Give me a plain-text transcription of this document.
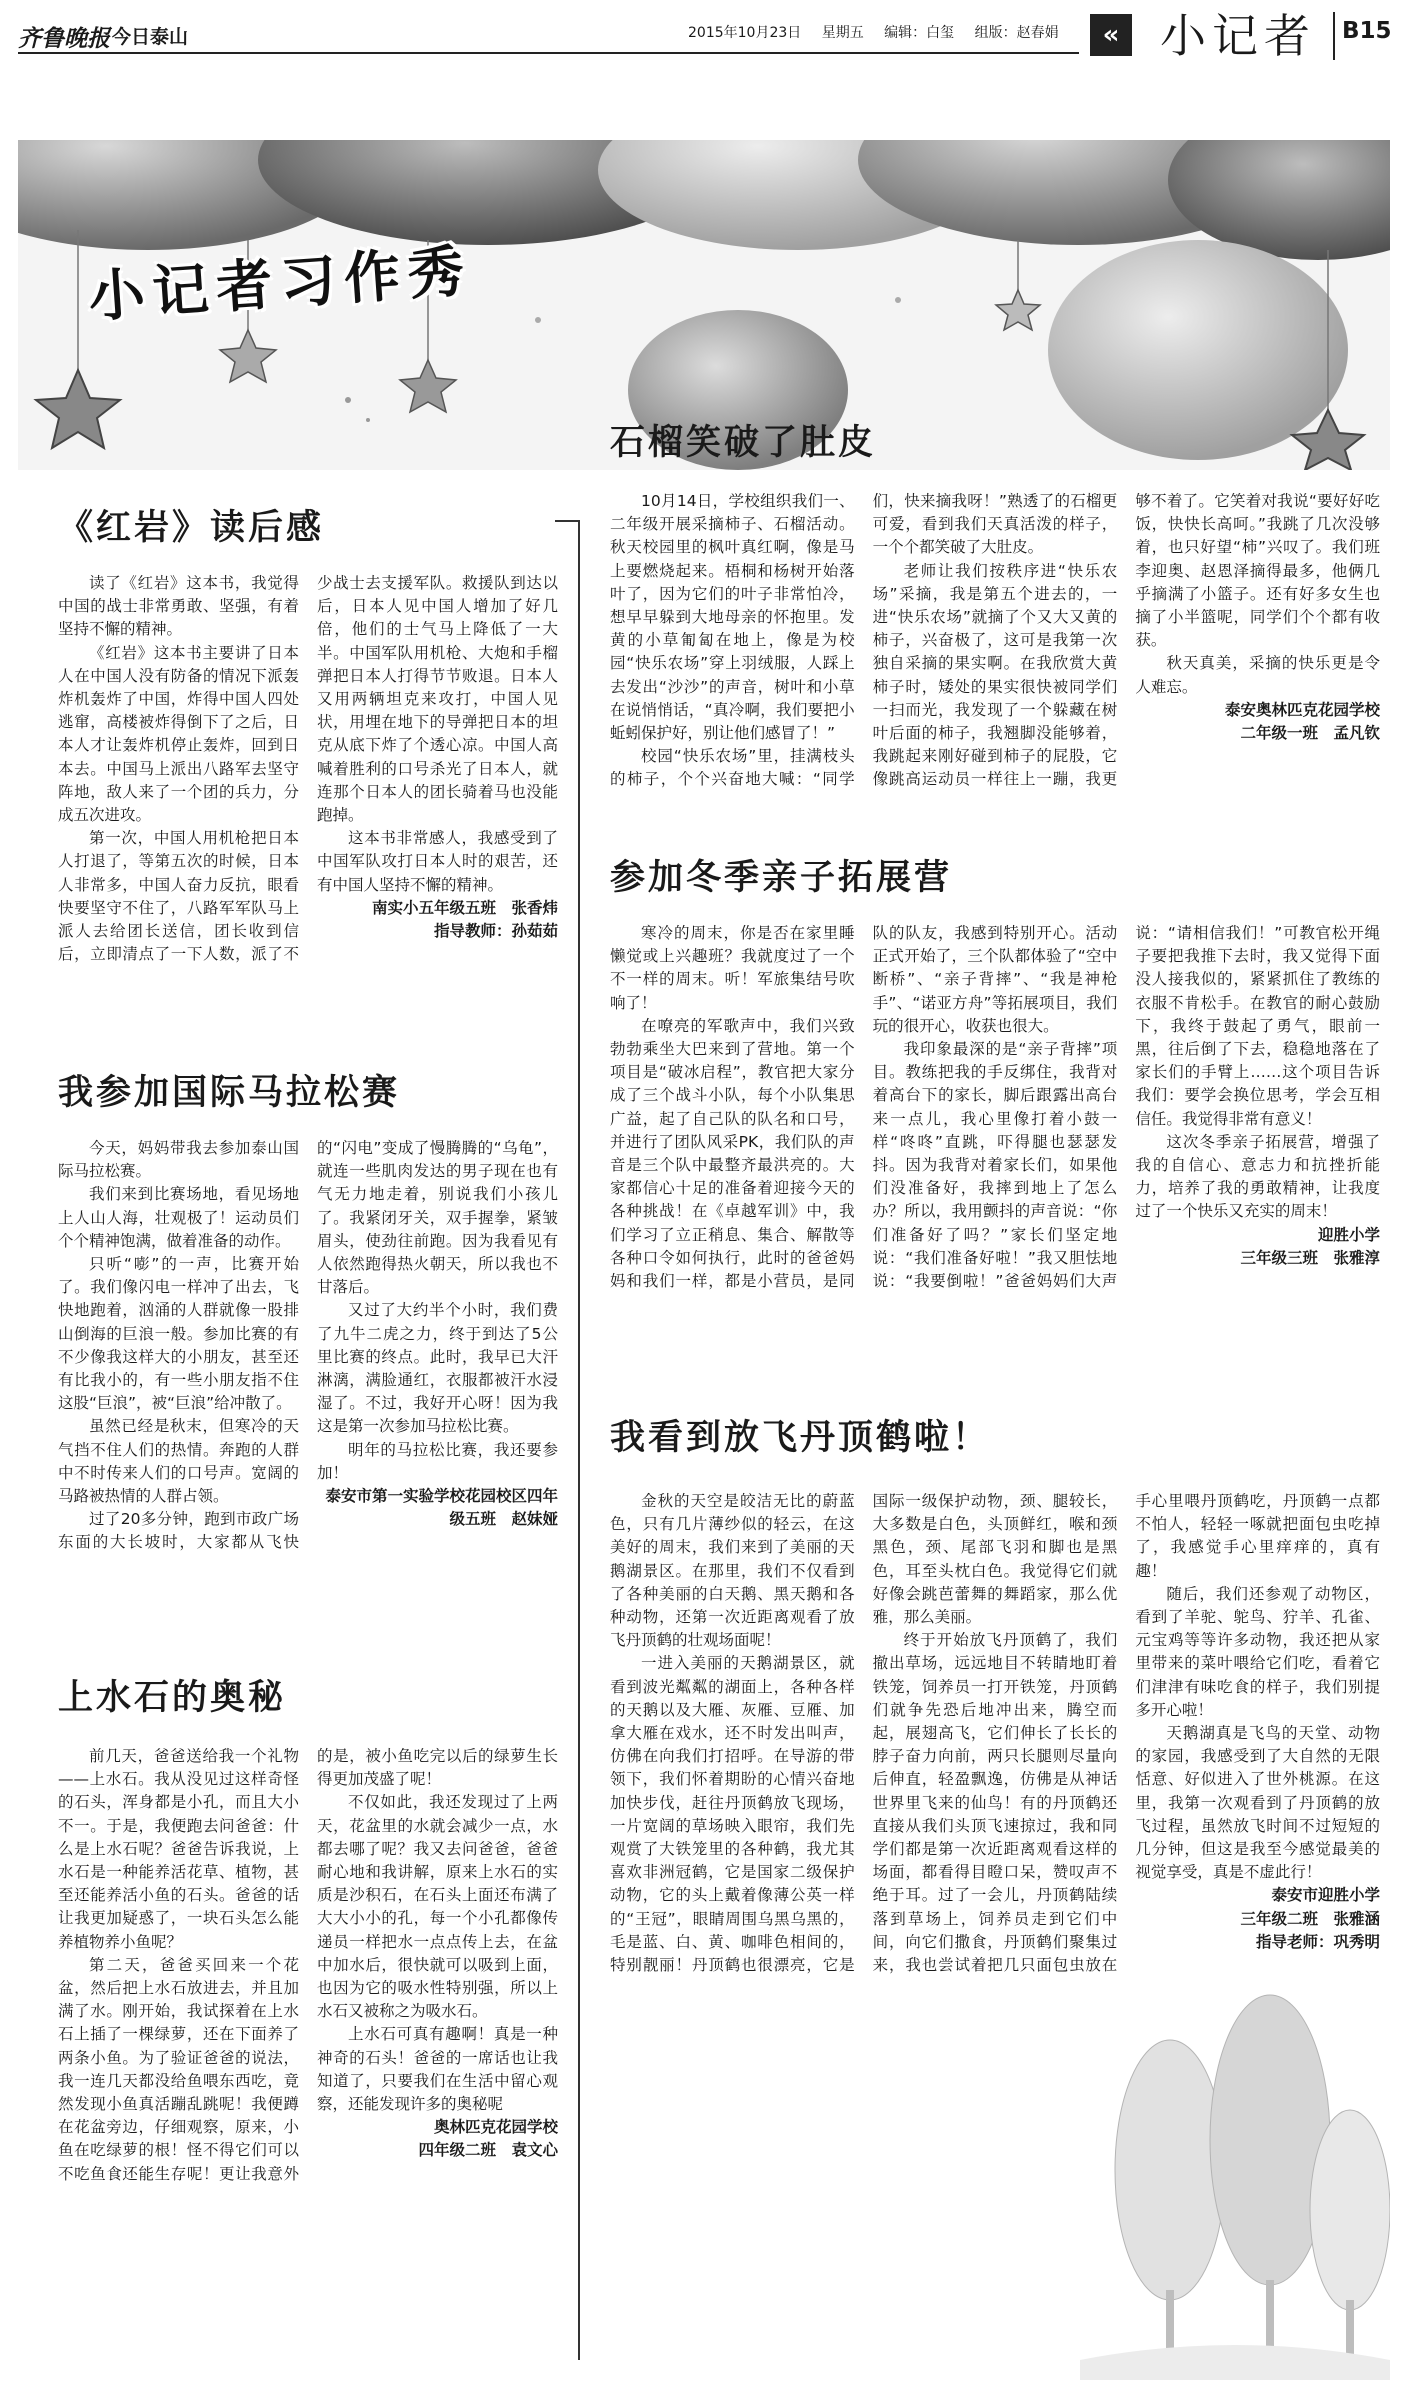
齐鲁晚报 今日泰山	2015年10月23日 星期五 编辑：白玺 组版：赵春娟	« 小记者 B15
小记者习作秀
《红岩》读后感

读了《红岩》这本书，我觉得中国的战士非常勇敢、坚强，有着坚持不懈的精神。

《红岩》这本书主要讲了日本人在中国人没有防备的情况下派轰炸机轰炸了中国，炸得中国人四处逃窜，高楼被炸得倒下了之后，日本人才让轰炸机停止轰炸，回到日本去。中国马上派出八路军去坚守阵地，敌人来了一个团的兵力，分成五次进攻。

第一次，中国人用机枪把日本人打退了，等第五次的时候，日本人非常多，中国人奋力反抗，眼看快要坚守不住了，八路军军队马上派人去给团长送信，团长收到信后，立即清点了一下人数，派了不少战士去支援军队。救援队到达以后，日本人见中国人增加了好几倍，他们的士气马上降低了一大半。中国军队用机枪、大炮和手榴弹把日本人打得节节败退。日本人又用两辆坦克来攻打，中国人见状，用埋在地下的导弹把日本的坦克从底下炸了个透心凉。中国人高喊着胜利的口号杀光了日本人，就连那个日本人的团长骑着马也没能跑掉。

这本书非常感人，我感受到了中国军队攻打日本人时的艰苦，还有中国人坚持不懈的精神。

南实小五年级五班　张香炜

指导教师：孙茹茹

我参加国际马拉松赛

今天，妈妈带我去参加泰山国际马拉松赛。

我们来到比赛场地，看见场地上人山人海，壮观极了！运动员们个个精神饱满，做着准备的动作。

只听“嘭”的一声，比赛开始了。我们像闪电一样冲了出去，飞快地跑着，汹涌的人群就像一股排山倒海的巨浪一般。参加比赛的有不少像我这样大的小朋友，甚至还有比我小的，有一些小朋友指不住这股“巨浪”，被“巨浪”给冲散了。

虽然已经是秋末，但寒冷的天气挡不住人们的热情。奔跑的人群中不时传来人们的口号声。宽阔的马路被热情的人群占领。

过了20多分钟，跑到市政广场东面的大长坡时，大家都从飞快的“闪电”变成了慢腾腾的“乌龟”，就连一些肌肉发达的男子现在也有气无力地走着，别说我们小孩儿了。我紧闭牙关，双手握拳，紧皱眉头，使劲往前跑。因为我看见有人依然跑得热火朝天，所以我也不甘落后。

又过了大约半个小时，我们费了九牛二虎之力，终于到达了5公里比赛的终点。此时，我早已大汗淋漓，满脸通红，衣服都被汗水浸湿了。不过，我好开心呀！因为我这是第一次参加马拉松比赛。

明年的马拉松比赛，我还要参加！

泰安市第一实验学校花园校区四年级五班　赵妹娅

上水石的奥秘

前几天，爸爸送给我一个礼物——上水石。我从没见过这样奇怪的石头，浑身都是小孔，而且大小不一。于是，我便跑去问爸爸：什么是上水石呢？爸爸告诉我说，上水石是一种能养活花草、植物，甚至还能养活小鱼的石头。爸爸的话让我更加疑惑了，一块石头怎么能养植物养小鱼呢？

第二天，爸爸买回来一个花盆，然后把上水石放进去，并且加满了水。刚开始，我试探着在上水石上插了一棵绿萝，还在下面养了两条小鱼。为了验证爸爸的说法，我一连几天都没给鱼喂东西吃，竟然发现小鱼真活蹦乱跳呢！我便蹲在花盆旁边，仔细观察，原来，小鱼在吃绿萝的根！怪不得它们可以不吃鱼食还能生存呢！更让我意外的是，被小鱼吃完以后的绿萝生长得更加茂盛了呢！

不仅如此，我还发现过了上两天，花盆里的水就会减少一点，水都去哪了呢？我又去问爸爸，爸爸耐心地和我讲解，原来上水石的实质是沙积石，在石头上面还布满了大大小小的孔，每一个小孔都像传递员一样把水一点点传上去，在盆中加水后，很快就可以吸到上面，也因为它的吸水性特别强，所以上水石又被称之为吸水石。

上水石可真有趣啊！真是一种神奇的石头！爸爸的一席话也让我知道了，只要我们在生活中留心观察，还能发现许多的奥秘呢

奥林匹克花园学校

四年级二班　袁文心

石榴笑破了肚皮

10月14日，学校组织我们一、二年级开展采摘柿子、石榴活动。秋天校园里的枫叶真红啊，像是马上要燃烧起来。梧桐和杨树开始落叶了，因为它们的叶子非常怕冷，想早早躲到大地母亲的怀抱里。发黄的小草匍匐在地上，像是为校园“快乐农场”穿上羽绒服，人踩上去发出“沙沙”的声音，树叶和小草在说悄悄话，“真冷啊，我们要把小蚯蚓保护好，别让他们感冒了！”

校园“快乐农场”里，挂满枝头的柿子，个个兴奋地大喊：“同学们，快来摘我呀！”熟透了的石榴更可爱，看到我们天真活泼的样子，一个个都笑破了大肚皮。

老师让我们按秩序进“快乐农场”采摘，我是第五个进去的，一进“快乐农场”就摘了个又大又黄的柿子，兴奋极了，这可是我第一次独自采摘的果实啊。在我欣赏大黄柿子时，矮处的果实很快被同学们一扫而光，我发现了一个躲藏在树叶后面的柿子，我翘脚没能够着，我跳起来刚好碰到柿子的屁股，它像跳高运动员一样往上一蹦，我更够不着了。它笑着对我说“要好好吃饭，快快长高呵。”我跳了几次没够着，也只好望“柿”兴叹了。我们班李迎奥、赵恩泽摘得最多，他俩几乎摘满了小篮子。还有好多女生也摘了小半篮呢，同学们个个都有收获。

秋天真美，采摘的快乐更是令人难忘。

泰安奥林匹克花园学校

二年级一班　孟凡钦

参加冬季亲子拓展营

寒冷的周末，你是否在家里睡懒觉或上兴趣班？我就度过了一个不一样的周末。听！军旅集结号吹响了！

在嘹亮的军歌声中，我们兴致勃勃乘坐大巴来到了营地。第一个项目是“破冰启程”，教官把大家分成了三个战斗小队，每个小队集思广益，起了自己队的队名和口号，并进行了团队风采PK，我们队的声音是三个队中最整齐最洪亮的。大家都信心十足的准备着迎接今天的各种挑战！在《卓越军训》中，我们学习了立正稍息、集合、解散等各种口令如何执行，此时的爸爸妈妈和我们一样，都是小营员，是同队的队友，我感到特别开心。活动正式开始了，三个队都体验了“空中断桥”、“亲子背摔”、“我是神枪手”、“诺亚方舟”等拓展项目，我们玩的很开心，收获也很大。

我印象最深的是“亲子背摔”项目。教练把我的手反绑住，我背对着高台下的家长，脚后跟露出高台来一点儿，我心里像打着小鼓一样“咚咚”直跳，吓得腿也瑟瑟发抖。因为我背对着家长们，如果他们没准备好，我摔到地上了怎么办？所以，我用颤抖的声音说：“你们准备好了吗？”家长们坚定地说：“我们准备好啦！”我又胆怯地说：“我要倒啦！”爸爸妈妈们大声说：“请相信我们！”可教官松开绳子要把我推下去时，我又觉得下面没人接我似的，紧紧抓住了教练的衣服不肯松手。在教官的耐心鼓励下，我终于鼓起了勇气，眼前一黑，往后倒了下去，稳稳地落在了家长们的手臂上……这个项目告诉我们：要学会换位思考，学会互相信任。我觉得非常有意义！

这次冬季亲子拓展营，增强了我的自信心、意志力和抗挫折能力，培养了我的勇敢精神，让我度过了一个快乐又充实的周末！

迎胜小学

三年级三班　张雅淳

我看到放飞丹顶鹤啦！

金秋的天空是皎洁无比的蔚蓝色，只有几片薄纱似的轻云，在这美好的周末，我们来到了美丽的天鹅湖景区。在那里，我们不仅看到了各种美丽的白天鹅、黑天鹅和各种动物，还第一次近距离观看了放飞丹顶鹤的壮观场面呢！

一进入美丽的天鹅湖景区，就看到波光粼粼的湖面上，各种各样的天鹅以及大雁、灰雁、豆雁、加拿大雁在戏水，还不时发出叫声，仿佛在向我们打招呼。在导游的带领下，我们怀着期盼的心情兴奋地加快步伐，赶往丹顶鹤放飞现场，一片宽阔的草场映入眼帘，我们先观赏了大铁笼里的各种鹤，我尤其喜欢非洲冠鹤，它是国家二级保护动物，它的头上戴着像薄公英一样的“王冠”，眼睛周围乌黑乌黑的，毛是蓝、白、黄、咖啡色相间的，特别靓丽！丹顶鹤也很漂亮，它是国际一级保护动物，颈、腿较长，大多数是白色，头顶鲜红，喉和颈黑色，颈、尾部飞羽和脚也是黑色，耳至头枕白色。我觉得它们就好像会跳芭蕾舞的舞蹈家，那么优雅，那么美丽。

终于开始放飞丹顶鹤了，我们撤出草场，远远地目不转睛地盯着铁笼，饲养员一打开铁笼，丹顶鹤们就争先恐后地冲出来，腾空而起，展翅高飞，它们伸长了长长的脖子奋力向前，两只长腿则尽量向后伸直，轻盈飘逸，仿佛是从神话世界里飞来的仙鸟！有的丹顶鹤还直接从我们头顶飞速掠过，我和同学们都是第一次近距离观看这样的场面，都看得目瞪口呆，赞叹声不绝于耳。过了一会儿，丹顶鹤陆续落到草场上，饲养员走到它们中间，向它们撒食，丹顶鹤们聚集过来，我也尝试着把几只面包虫放在手心里喂丹顶鹤吃，丹顶鹤一点都不怕人，轻轻一啄就把面包虫吃掉了，我感觉手心里痒痒的，真有趣！

随后，我们还参观了动物区，看到了羊驼、鸵鸟、狞羊、孔雀、元宝鸡等等许多动物，我还把从家里带来的菜叶喂给它们吃，看着它们津津有味吃食的样子，我们别提多开心啦！

天鹅湖真是飞鸟的天堂、动物的家园，我感受到了大自然的无限恬意、好似进入了世外桃源。在这里，我第一次观看到了丹顶鹤的放飞过程，虽然放飞时间不过短短的几分钟，但这是我至今感觉最美的视觉享受，真是不虚此行！

泰安市迎胜小学

三年级二班　张雅涵

指导老师：巩秀明
